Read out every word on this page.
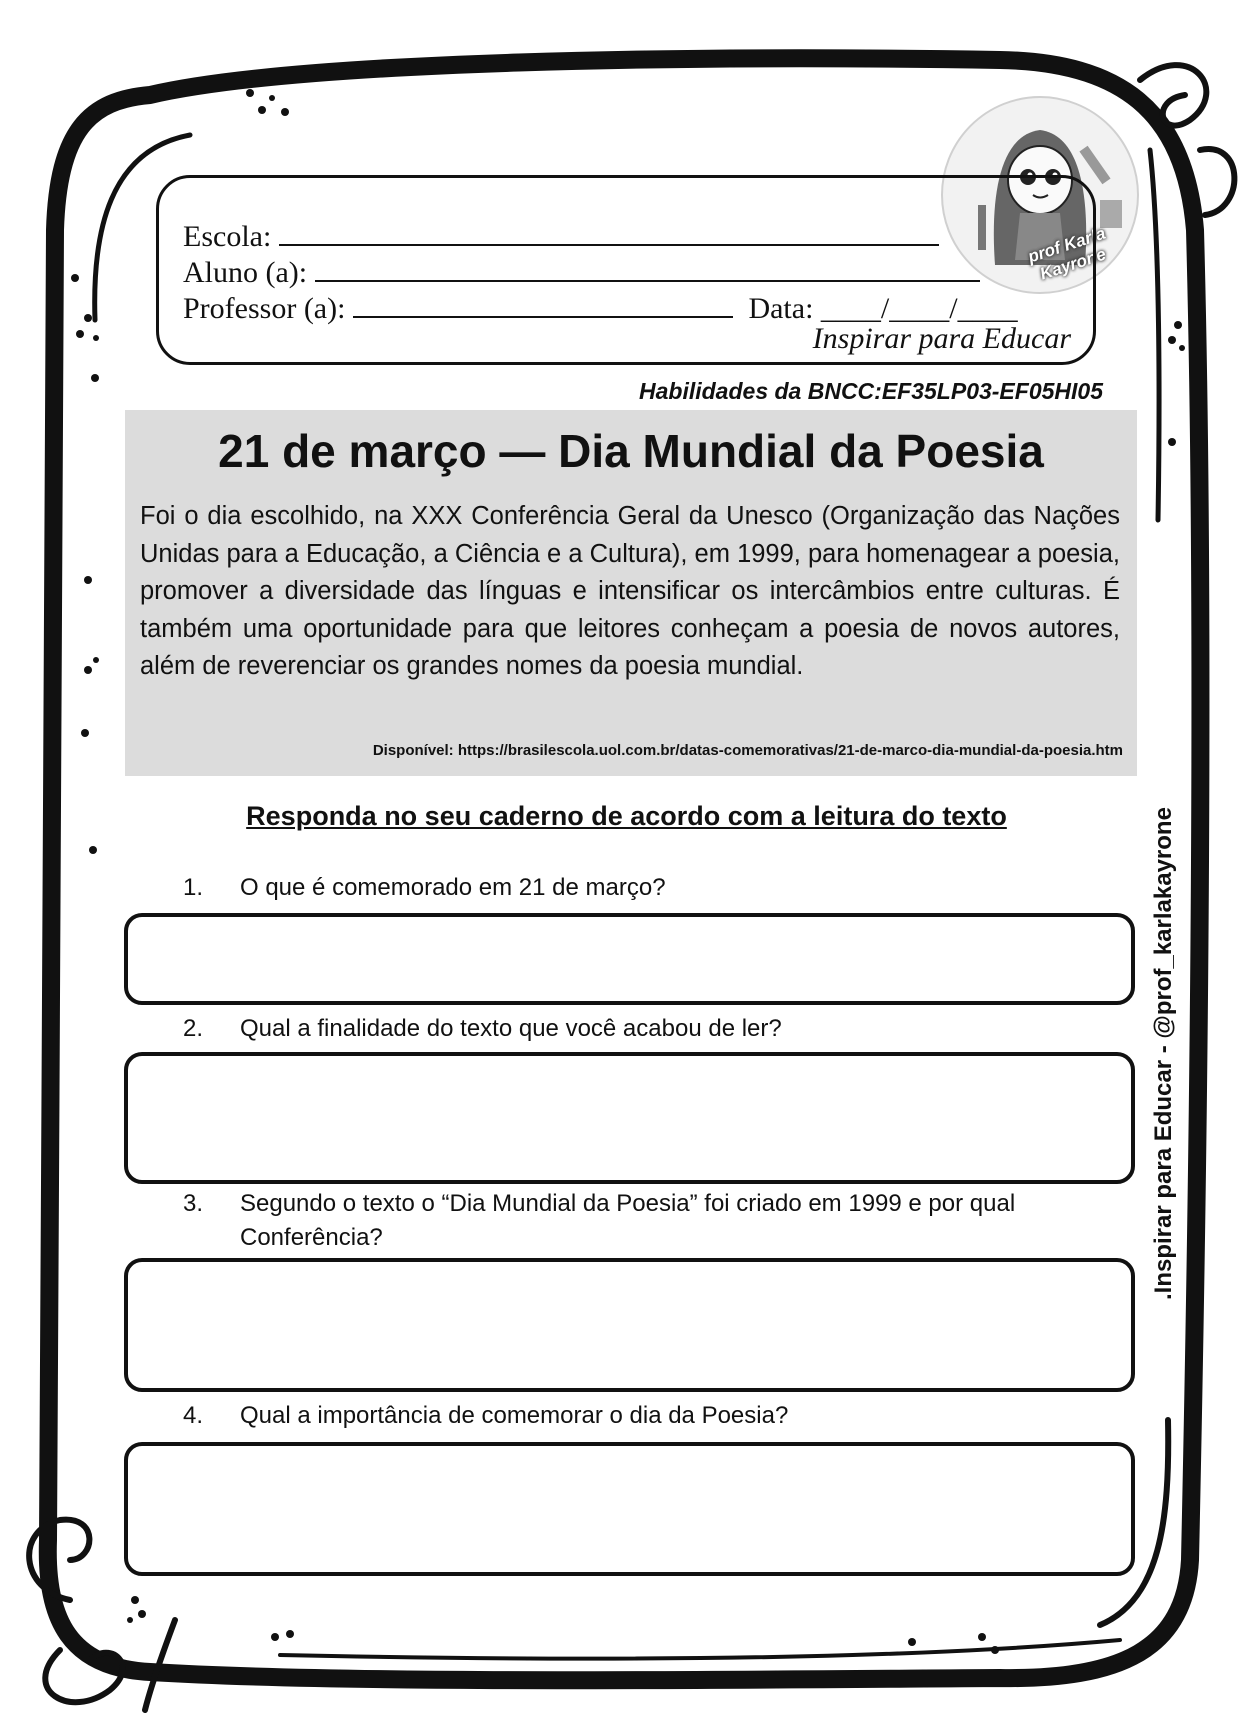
prof Karla Kayrone
Escola:
Aluno (a):
Professor (a):	Data: ____/____/____
Inspirar para Educar
Habilidades da BNCC:EF35LP03-EF05HI05
21 de março — Dia Mundial da Poesia
Foi o dia escolhido, na XXX Conferência Geral da Unesco (Organização das Nações Unidas para a Educação, a Ciência e a Cultura), em 1999, para homenagear a poesia, promover a diversidade das línguas e intensificar os intercâmbios entre culturas. É também uma oportunidade para que leitores conheçam a poesia de novos autores, além de reverenciar os grandes nomes da poesia mundial.
Disponível: https://brasilescola.uol.com.br/datas-comemorativas/21-de-marco-dia-mundial-da-poesia.htm
Responda no seu caderno de acordo com a leitura do texto
1.	O que é comemorado em 21 de março?
2.	Qual a finalidade do texto que você acabou de ler?
3.	Segundo o texto o “Dia Mundial da Poesia” foi criado em 1999 e por qual Conferência?
4.	Qual a importância de comemorar o dia da Poesia?
.Inspirar para Educar - @prof_karlakayrone
